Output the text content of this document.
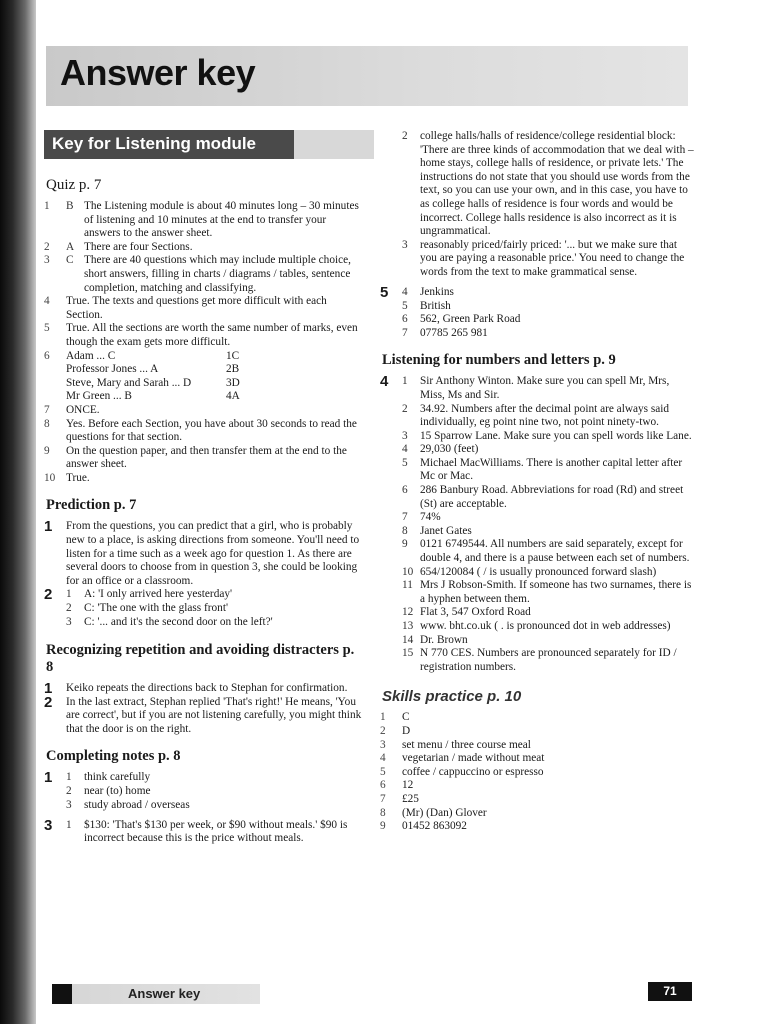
Answer key
Key for Listening module
Quiz p. 7
1	B The Listening module is about 40 minutes long – 30 minutes of listening and 10 minutes at the end to transfer your answers to the answer sheet.
2	A There are four Sections.
3	C There are 40 questions which may include multiple choice, short answers, filling in charts / diagrams / tables, sentence completion, matching and classifying.
4	True. The texts and questions get more difficult with each Section.
5	True. All the sections are worth the same number of marks, even though the exam gets more difficult.
6	Adam ... C	1C
Professor Jones ... A	2B
Steve, Mary and Sarah ... D	3D
Mr Green ... B	4A
7	ONCE.
8	Yes. Before each Section, you have about 30 seconds to read the questions for that section.
9	On the question paper, and then transfer them at the end to the answer sheet.
10 True.
Prediction p. 7
1	From the questions, you can predict that a girl, who is probably new to a place, is asking directions from someone. You'll need to listen for a time such as a week ago for question 1. As there are several doors to choose from in question 3, she could be looking for an office or a classroom.
2	1	A: 'I only arrived here yesterday'
2	C: 'The one with the glass front'
3	C: '... and it's the second door on the left?'
Recognizing repetition and avoiding distracters p. 8
1	Keiko repeats the directions back to Stephan for confirmation.
2	In the last extract, Stephan replied 'That's right!' He means, 'You are correct', but if you are not listening carefully, you might think that the door is on the right.
Completing notes p. 8
1	1	think carefully
2	near (to) home
3	study abroad / overseas
3	1	$130: 'That's $130 per week, or $90 without meals.' $90 is incorrect because this is the price without meals.
2	college halls/halls of residence/college residential block: 'There are three kinds of accommodation that we deal with – home stays, college halls of residence, or private lets.' The instructions do not state that you should use words from the text, so you can use your own, and in this case, you have to as college halls of residence is four words and would be incorrect. College halls residence is also incorrect as it is ungrammatical.
3	reasonably priced/fairly priced: '... but we make sure that you are paying a reasonable price.' You need to change the words from the text to make grammatical sense.
5	4	Jenkins
5	British
6	562, Green Park Road
7	07785 265 981
Listening for numbers and letters p. 9
4	1	Sir Anthony Winton. Make sure you can spell Mr, Mrs, Miss, Ms and Sir.
2	34.92. Numbers after the decimal point are always said individually, eg point nine two, not point ninety-two.
3	15 Sparrow Lane. Make sure you can spell words like Lane.
4	29,030 (feet)
5	Michael MacWilliams. There is another capital letter after Mc or Mac.
6	286 Banbury Road. Abbreviations for road (Rd) and street (St) are acceptable.
7	74%
8	Janet Gates
9	0121 6749544. All numbers are said separately, except for double 4, and there is a pause between each set of numbers.
10 654/120084 ( / is usually pronounced forward slash)
11 Mrs J Robson-Smith. If someone has two surnames, there is a hyphen between them.
12 Flat 3, 547 Oxford Road
13 www. bht.co.uk ( . is pronounced dot in web addresses)
14 Dr. Brown
15 N 770 CES. Numbers are pronounced separately for ID / registration numbers.
Skills practice p. 10
1	C
2	D
3	set menu / three course meal
4	vegetarian / made without meat
5	coffee / cappuccino or espresso
6	12
7	£25
8	(Mr) (Dan) Glover
9	01452 863092
Answer key	71
